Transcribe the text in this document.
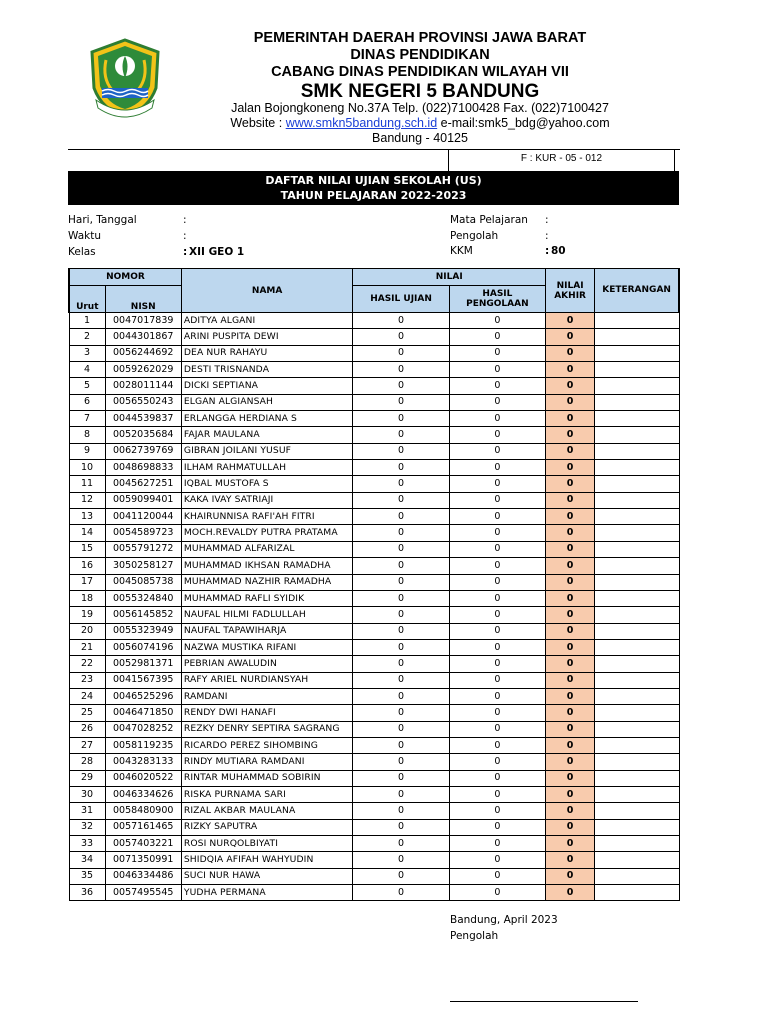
PEMERINTAH DAERAH PROVINSI JAWA BARAT
DINAS PENDIDIKAN
CABANG DINAS PENDIDIKAN WILAYAH VII
SMK NEGERI 5 BANDUNG
Jalan Bojongkoneng No.37A Telp. (022)7100428 Fax. (022)7100427
Website : www.smkn5bandung.sch.id e-mail:smk5_bdg@yahoo.com
Bandung - 40125
F : KUR - 05 - 012
DAFTAR NILAI UJIAN SEKOLAH (US)
TAHUN PELAJARAN 2022-2023
Hari, Tanggal	:
Waktu	:
Kelas	: XII GEO 1
Mata Pelajaran :
Pengolah	:
KKM	: 80
NOMOR		NAMA	NILAI		NILAI AKHIR	KETERANGAN
Urut	NISN		HASIL UJIAN	HASIL PENGOLAAN		
1	0047017839	ADITYA ALGANI	0	0	0	
2	0044301867	ARINI PUSPITA DEWI	0	0	0	
3	0056244692	DEA NUR RAHAYU	0	0	0	
4	0059262029	DESTI TRISNANDA	0	0	0	
5	0028011144	DICKI SEPTIANA	0	0	0	
6	0056550243	ELGAN ALGIANSAH	0	0	0	
7	0044539837	ERLANGGA HERDIANA S	0	0	0	
8	0052035684	FAJAR MAULANA	0	0	0	
9	0062739769	GIBRAN JOILANI YUSUF	0	0	0	
10	0048698833	ILHAM RAHMATULLAH	0	0	0	
11	0045627251	IQBAL MUSTOFA S	0	0	0	
12	0059099401	KAKA IVAY SATRIAJI	0	0	0	
13	0041120044	KHAIRUNNISA RAFI'AH FITRI	0	0	0	
14	0054589723	MOCH.REVALDY PUTRA PRATAMA	0	0	0	
15	0055791272	MUHAMMAD ALFARIZAL	0	0	0	
16	3050258127	MUHAMMAD IKHSAN RAMADHA	0	0	0	
17	0045085738	MUHAMMAD NAZHIR RAMADHA	0	0	0	
18	0055324840	MUHAMMAD RAFLI SYIDIK	0	0	0	
19	0056145852	NAUFAL HILMI FADLULLAH	0	0	0	
20	0055323949	NAUFAL TAPAWIHARJA	0	0	0	
21	0056074196	NAZWA MUSTIKA RIFANI	0	0	0	
22	0052981371	PEBRIAN AWALUDIN	0	0	0	
23	0041567395	RAFY ARIEL NURDIANSYAH	0	0	0	
24	0046525296	RAMDANI	0	0	0	
25	0046471850	RENDY DWI HANAFI	0	0	0	
26	0047028252	REZKY DENRY SEPTIRA SAGRANG	0	0	0	
27	0058119235	RICARDO PEREZ SIHOMBING	0	0	0	
28	0043283133	RINDY MUTIARA RAMDANI	0	0	0	
29	0046020522	RINTAR MUHAMMAD SOBIRIN	0	0	0	
30	0046334626	RISKA PURNAMA SARI	0	0	0	
31	0058480900	RIZAL AKBAR MAULANA	0	0	0	
32	0057161465	RIZKY SAPUTRA	0	0	0	
33	0057403221	ROSI NURQOLBIYATI	0	0	0	
34	0071350991	SHIDQIA AFIFAH WAHYUDIN	0	0	0	
35	0046334486	SUCI NUR HAWA	0	0	0	
36	0057495545	YUDHA PERMANA	0	0	0	
Bandung, April 2023
Pengolah
